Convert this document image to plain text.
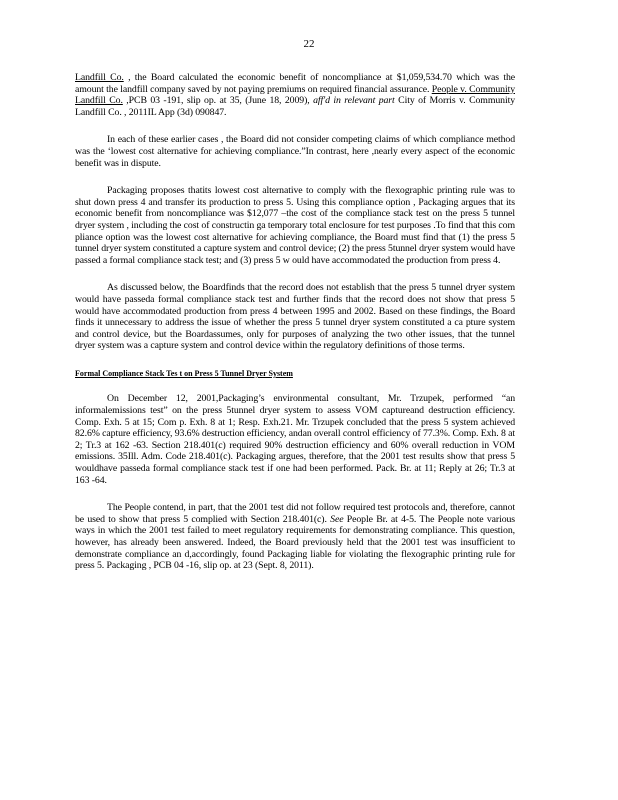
22

Landfill Co. , the Board calculated the economic benefit of noncompliance at $1,059,534.70 which was the amount the landfill company saved by not paying premiums on required financial assurance. People v. Community Landfill Co. ,PCB 03 -191, slip op. at 35, (June 18, 2009), aff'd in relevant part City of Morris v. Community Landfill Co. , 2011IL App (3d) 090847.

In each of these earlier cases , the Board did not consider competing claims of which compliance method was the ‘lowest cost alternative for achieving compliance.”In contrast, here ,nearly every aspect of the economic benefit was in dispute.

Packaging proposes thatits lowest cost alternative to comply with the flexographic printing rule was to shut down press 4 and transfer its production to press 5. Using this compliance option , Packaging argues that its economic benefit from noncompliance was $12,077 –the cost of the compliance stack test on the press 5 tunnel dryer system , including the cost of constructin ga temporary total enclosure for test purposes .To find that this com pliance option was the lowest cost alternative for achieving compliance, the Board must find that (1) the press 5 tunnel dryer system constituted a capture system and control device; (2) the press 5tunnel dryer system would have passed a formal compliance stack test; and (3) press 5 w ould have accommodated the production from press 4.

As discussed below, the Boardfinds that the record does not establish that the press 5 tunnel dryer system would have passeda formal compliance stack test and further finds that the record does not show that press 5 would have accommodated production from press 4 between 1995 and 2002. Based on these findings, the Board finds it unnecessary to address the issue of whether the press 5 tunnel dryer system constituted a ca pture system and control device, but the Boardassumes, only for purposes of analyzing the two other issues, that the tunnel dryer system was a capture system and control device within the regulatory definitions of those terms.

Formal Compliance Stack Tes t on Press 5 Tunnel Dryer System

On December 12, 2001,Packaging’s environmental consultant, Mr. Trzupek, performed “an informalemissions test” on the press 5tunnel dryer system to assess VOM captureand destruction efficiency. Comp. Exh. 5 at 15; Com p. Exh. 8 at 1; Resp. Exh.21. Mr. Trzupek concluded that the press 5 system achieved 82.6% capture efficiency, 93.6% destruction efficiency, andan overall control efficiency of 77.3%. Comp. Exh. 8 at 2; Tr.3 at 162 -63. Section 218.401(c) required 90% destruction efficiency and 60% overall reduction in VOM emissions. 35Ill. Adm. Code 218.401(c). Packaging argues, therefore, that the 2001 test results show that press 5 wouldhave passeda formal compliance stack test if one had been performed. Pack. Br. at 11; Reply at 26; Tr.3 at 163 -64.

The People contend, in part, that the 2001 test did not follow required test protocols and, therefore, cannot be used to show that press 5 complied with Section 218.401(c). See People Br. at 4-5. The People note various ways in which the 2001 test failed to meet regulatory requirements for demonstrating compliance. This question, however, has already been answered. Indeed, the Board previously held that the 2001 test was insufficient to demonstrate compliance an d,accordingly, found Packaging liable for violating the flexographic printing rule for press 5. Packaging , PCB 04 -16, slip op. at 23 (Sept. 8, 2011).
